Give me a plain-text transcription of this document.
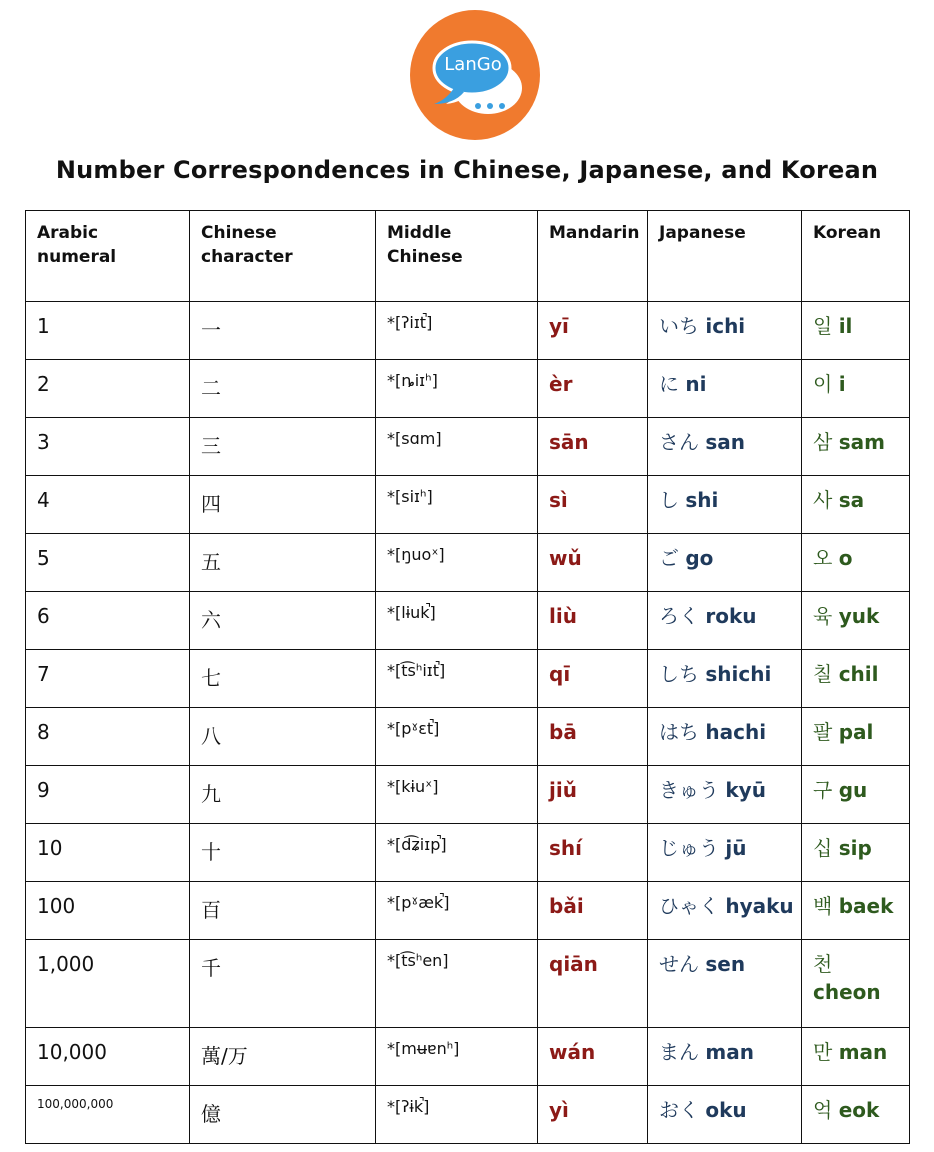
LanGo
Number Correspondences in Chinese, Japanese, and Korean
Arabic numeral	Chinese character	Middle Chinese	Mandarin	Japanese	Korean
1	一	*[ʔiɪt̚]	yī	いち ichi	일 il
2	二	*[ȵiɪʰ]	èr	に ni	이 i
3	三	*[sɑm]	sān	さん san	삼 sam
4	四	*[siɪʰ]	sì	し shi	사 sa
5	五	*[ŋuoˣ]	wǔ	ご go	오 o
6	六	*[lɨuk̚]	liù	ろく roku	육 yuk
7	七	*[t͡sʰiɪt̚]	qī	しち shichi	칠 chil
8	八	*[pˠɛt̚]	bā	はち hachi	팔 pal
9	九	*[kɨuˣ]	jiǔ	きゅう kyū	구 gu
10	十	*[d͡ʑiɪp̚]	shí	じゅう jū	십 sip
100	百	*[pˠæk̚]	bǎi	ひゃく hyaku	백 baek
1,000	千	*[t͡sʰen]	qiān	せん sen	천 cheon
10,000	萬/万	*[mʉɐnʰ]	wán	まん man	만 man
100,000,000	億	*[ʔɨk̚]	yì	おく oku	억 eok
